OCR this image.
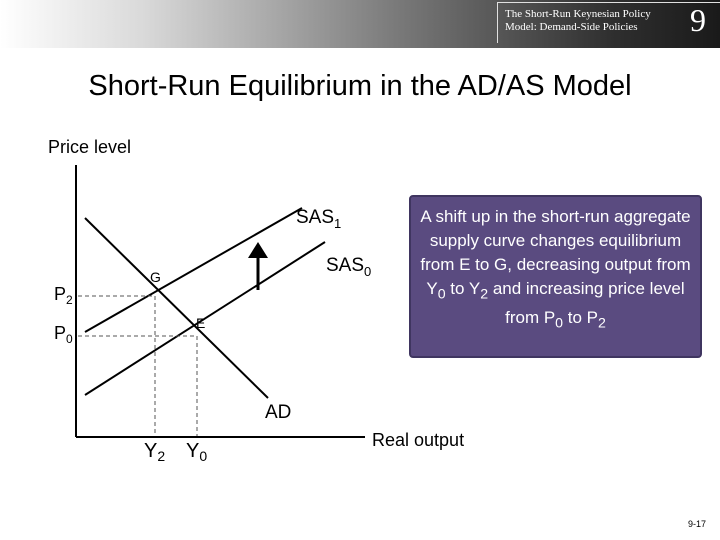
The Short-Run Keynesian Policy
Model: Demand-Side Policies	9
Short-Run Equilibrium in the AD/AS Model
Price level
$SAS_1$
$SAS_0$
AD
G
E
$P_2$
$P_0$
$Y_2$ $Y_0$
Real output
A shift up in the short-run aggregate supply curve changes equilibrium from E to G, decreasing output from $Y_0$ to $Y_2$ and increasing price level from $P_0$ to $P_2$
9-17
